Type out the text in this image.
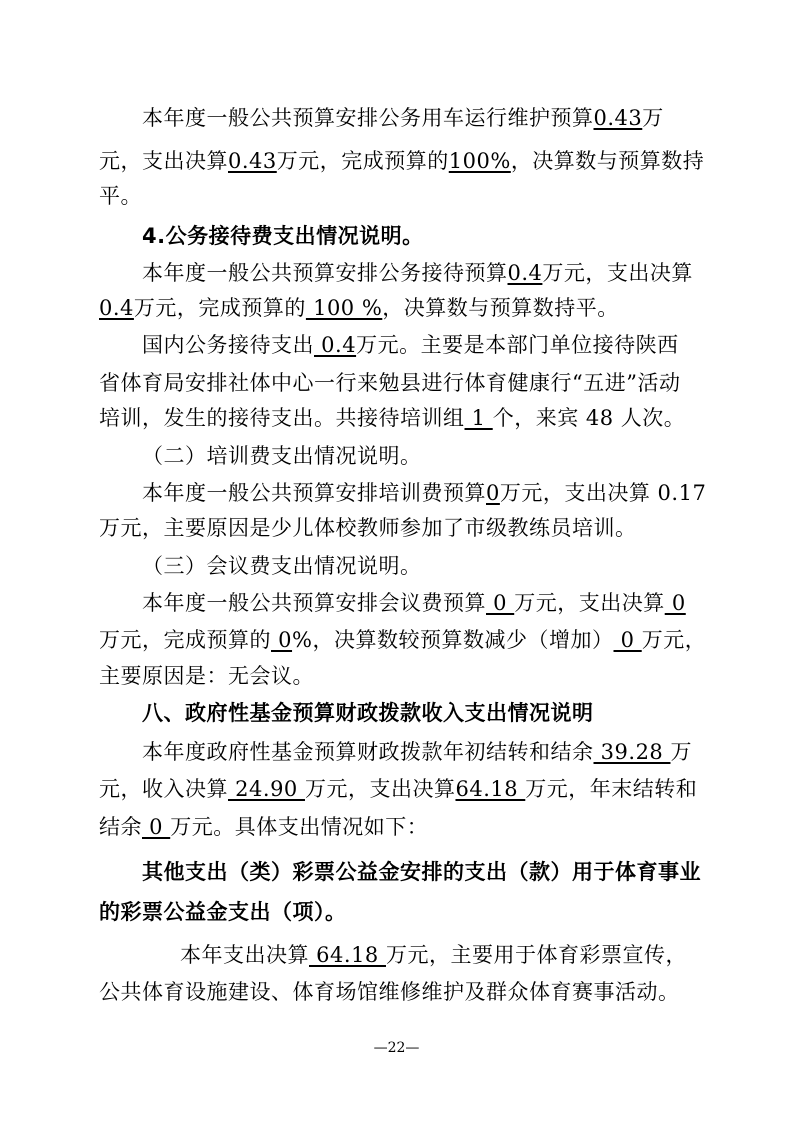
本年度一般公共预算安排公务用车运行维护预算0.43万
元，支出决算0.43万元，完成预算的100%，决算数与预算数持
平。
4.公务接待费支出情况说明。
本年度一般公共预算安排公务接待预算0.4万元，支出决算
0.4万元，完成预算的 100 %，决算数与预算数持平。
国内公务接待支出 0.4万元。主要是本部门单位接待陕西
省体育局安排社体中心一行来勉县进行体育健康行“五进”活动
培训，发生的接待支出。共接待培训组 1 个，来宾 48 人次。
（二）培训费支出情况说明。
本年度一般公共预算安排培训费预算0万元，支出决算 0.17
万元，主要原因是少儿体校教师参加了市级教练员培训。
（三）会议费支出情况说明。
本年度一般公共预算安排会议费预算 0 万元，支出决算 0
万元，完成预算的 0%，决算数较预算数减少（增加） 0 万元，
主要原因是：无会议。
八、政府性基金预算财政拨款收入支出情况说明
本年度政府性基金预算财政拨款年初结转和结余 39.28 万
元，收入决算 24.90 万元，支出决算64.18 万元，年末结转和
结余 0 万元。具体支出情况如下：
其他支出（类）彩票公益金安排的支出（款）用于体育事业
的彩票公益金支出（项）。
本年支出决算 64.18 万元，主要用于体育彩票宣传，
公共体育设施建设、体育场馆维修维护及群众体育赛事活动。
—22—
